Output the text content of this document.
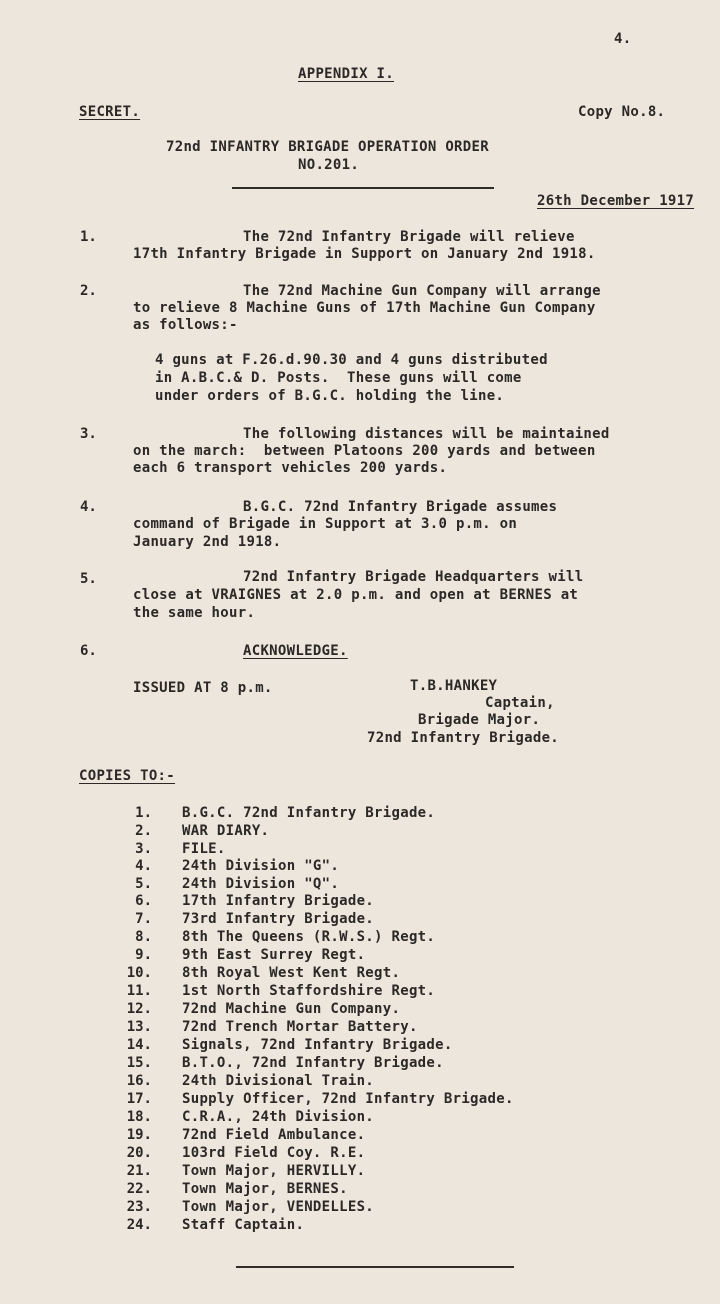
4.
APPENDIX I.
SECRET.	Copy No.8.
72nd INFANTRY BRIGADE OPERATION ORDER
NO.201.
26th December 1917
1.	The 72nd Infantry Brigade will relieve
17th Infantry Brigade in Support on January 2nd 1918.
2.	The 72nd Machine Gun Company will arrange
to relieve 8 Machine Guns of 17th Machine Gun Company
as follows:-
4 guns at F.26.d.90.30 and 4 guns distributed
in A.B.C.& D. Posts.  These guns will come
under orders of B.G.C. holding the line.
3.	The following distances will be maintained
on the march:  between Platoons 200 yards and between
each 6 transport vehicles 200 yards.
4.	B.G.C. 72nd Infantry Brigade assumes
command of Brigade in Support at 3.0 p.m. on
January 2nd 1918.
5.	72nd Infantry Brigade Headquarters will
close at VRAIGNES at 2.0 p.m. and open at BERNES at
the same hour.
6.	ACKNOWLEDGE.
ISSUED AT 8 p.m.	T.B.HANKEY
Captain,
Brigade Major.
72nd Infantry Brigade.
COPIES TO:-
1. B.G.C. 72nd Infantry Brigade.
2. WAR DIARY.
3. FILE.
4. 24th Division "G".
5. 24th Division "Q".
6. 17th Infantry Brigade.
7. 73rd Infantry Brigade.
8. 8th The Queens (R.W.S.) Regt.
9. 9th East Surrey Regt.
10. 8th Royal West Kent Regt.
11. 1st North Staffordshire Regt.
12. 72nd Machine Gun Company.
13. 72nd Trench Mortar Battery.
14. Signals, 72nd Infantry Brigade.
15. B.T.O., 72nd Infantry Brigade.
16. 24th Divisional Train.
17. Supply Officer, 72nd Infantry Brigade.
18. C.R.A., 24th Division.
19. 72nd Field Ambulance.
20. 103rd Field Coy. R.E.
21. Town Major, HERVILLY.
22. Town Major, BERNES.
23. Town Major, VENDELLES.
24. Staff Captain.
